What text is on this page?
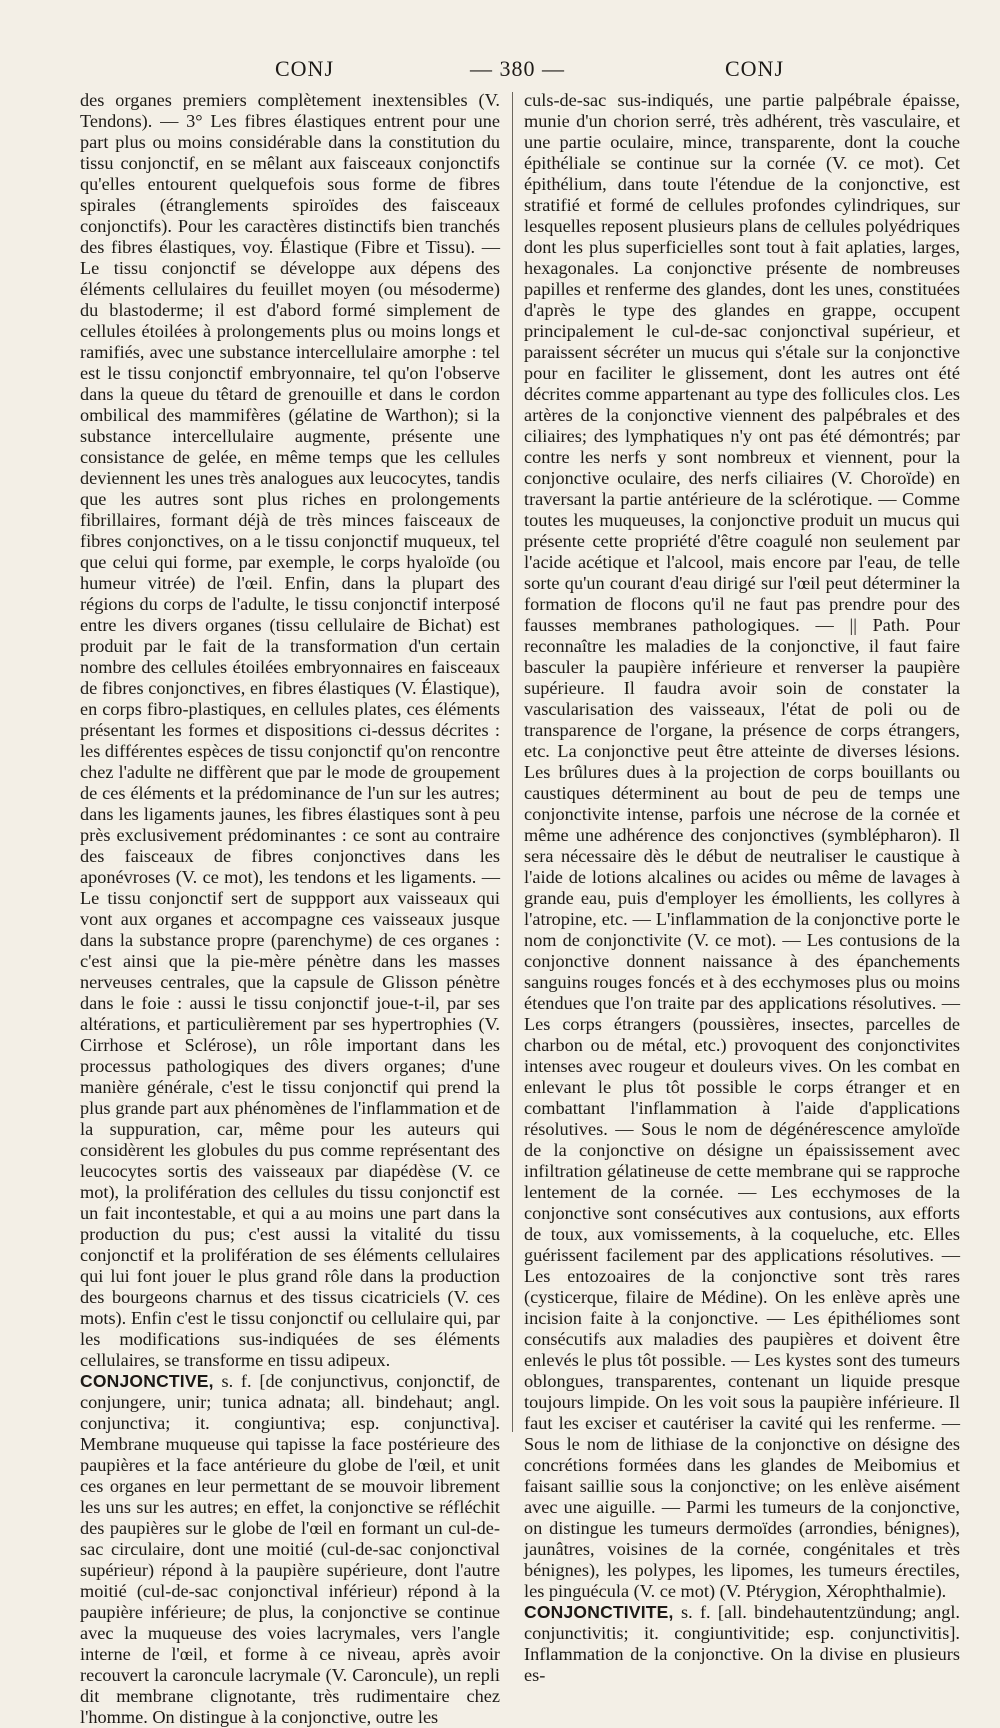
CONJ	— 380 —	CONJ

des organes premiers complètement inextensibles (V. Tendons). — 3° Les fibres élastiques entrent pour une part plus ou moins considérable dans la constitution du tissu conjonctif, en se mêlant aux faisceaux conjonctifs qu'elles entourent quelquefois sous forme de fibres spirales (étranglements spiroïdes des faisceaux conjonctifs). Pour les caractères distinctifs bien tranchés des fibres élastiques, voy. Élastique (Fibre et Tissu). — Le tissu conjonctif se développe aux dépens des éléments cellulaires du feuillet moyen (ou mésoderme) du blastoderme; il est d'abord formé simplement de cellules étoilées à prolongements plus ou moins longs et ramifiés, avec une substance intercellulaire amorphe : tel est le tissu conjonctif embryonnaire, tel qu'on l'observe dans la queue du têtard de grenouille et dans le cordon ombilical des mammifères (gélatine de Warthon); si la substance intercellulaire augmente, présente une consistance de gelée, en même temps que les cellules deviennent les unes très analogues aux leucocytes, tandis que les autres sont plus riches en prolongements fibrillaires, formant déjà de très minces faisceaux de fibres conjonctives, on a le tissu conjonctif muqueux, tel que celui qui forme, par exemple, le corps hyaloïde (ou humeur vitrée) de l'œil. Enfin, dans la plupart des régions du corps de l'adulte, le tissu conjonctif interposé entre les divers organes (tissu cellulaire de Bichat) est produit par le fait de la transformation d'un certain nombre des cellules étoilées embryonnaires en faisceaux de fibres conjonctives, en fibres élastiques (V. Élastique), en corps fibro-plastiques, en cellules plates, ces éléments présentant les formes et dispositions ci-dessus décrites : les différentes espèces de tissu conjonctif qu'on rencontre chez l'adulte ne diffèrent que par le mode de groupement de ces éléments et la prédominance de l'un sur les autres; dans les ligaments jaunes, les fibres élastiques sont à peu près exclusivement prédominantes : ce sont au contraire des faisceaux de fibres conjonctives dans les aponévroses (V. ce mot), les tendons et les ligaments. — Le tissu conjonctif sert de suppport aux vaisseaux qui vont aux organes et accompagne ces vaisseaux jusque dans la substance propre (parenchyme) de ces organes : c'est ainsi que la pie-mère pénètre dans les masses nerveuses centrales, que la capsule de Glisson pénètre dans le foie : aussi le tissu conjonctif joue-t-il, par ses altérations, et particulièrement par ses hypertrophies (V. Cirrhose et Sclérose), un rôle important dans les processus pathologiques des divers organes; d'une manière générale, c'est le tissu conjonctif qui prend la plus grande part aux phénomènes de l'inflammation et de la suppuration, car, même pour les auteurs qui considèrent les globules du pus comme représentant des leucocytes sortis des vaisseaux par diapédèse (V. ce mot), la prolifération des cellules du tissu conjonctif est un fait incontestable, et qui a au moins une part dans la production du pus; c'est aussi la vitalité du tissu conjonctif et la prolifération de ses éléments cellulaires qui lui font jouer le plus grand rôle dans la production des bourgeons charnus et des tissus cicatriciels (V. ces mots). Enfin c'est le tissu conjonctif ou cellulaire qui, par les modifications sus-indiquées de ses éléments cellulaires, se transforme en tissu adipeux.

CONJONCTIVE, s. f. [de conjunctivus, conjonctif, de conjungere, unir; tunica adnata; all. bindehaut; angl. conjunctiva; it. congiuntiva; esp. conjunctiva]. Membrane muqueuse qui tapisse la face postérieure des paupières et la face antérieure du globe de l'œil, et unit ces organes en leur permettant de se mouvoir librement les uns sur les autres; en effet, la conjonctive se réfléchit des paupières sur le globe de l'œil en formant un cul-de-sac circulaire, dont une moitié (cul-de-sac conjonctival supérieur) répond à la paupière supérieure, dont l'autre moitié (cul-de-sac conjonctival inférieur) répond à la paupière inférieure; de plus, la conjonctive se continue avec la muqueuse des voies lacrymales, vers l'angle interne de l'œil, et forme à ce niveau, après avoir recouvert la caroncule lacrymale (V. Caroncule), un repli dit membrane clignotante, très rudimentaire chez l'homme. On distingue à la conjonctive, outre les

culs-de-sac sus-indiqués, une partie palpébrale épaisse, munie d'un chorion serré, très adhérent, très vasculaire, et une partie oculaire, mince, transparente, dont la couche épithéliale se continue sur la cornée (V. ce mot). Cet épithélium, dans toute l'étendue de la conjonctive, est stratifié et formé de cellules profondes cylindriques, sur lesquelles reposent plusieurs plans de cellules polyédriques dont les plus superficielles sont tout à fait aplaties, larges, hexagonales. La conjonctive présente de nombreuses papilles et renferme des glandes, dont les unes, constituées d'après le type des glandes en grappe, occupent principalement le cul-de-sac conjonctival supérieur, et paraissent sécréter un mucus qui s'étale sur la conjonctive pour en faciliter le glissement, dont les autres ont été décrites comme appartenant au type des follicules clos. Les artères de la conjonctive viennent des palpébrales et des ciliaires; des lymphatiques n'y ont pas été démontrés; par contre les nerfs y sont nombreux et viennent, pour la conjonctive oculaire, des nerfs ciliaires (V. Choroïde) en traversant la partie antérieure de la sclérotique. — Comme toutes les muqueuses, la conjonctive produit un mucus qui présente cette propriété d'être coagulé non seulement par l'acide acétique et l'alcool, mais encore par l'eau, de telle sorte qu'un courant d'eau dirigé sur l'œil peut déterminer la formation de flocons qu'il ne faut pas prendre pour des fausses membranes pathologiques. — || Path. Pour reconnaître les maladies de la conjonctive, il faut faire basculer la paupière inférieure et renverser la paupière supérieure. Il faudra avoir soin de constater la vascularisation des vaisseaux, l'état de poli ou de transparence de l'organe, la présence de corps étrangers, etc. La conjonctive peut être atteinte de diverses lésions. Les brûlures dues à la projection de corps bouillants ou caustiques déterminent au bout de peu de temps une conjonctivite intense, parfois une nécrose de la cornée et même une adhérence des conjonctives (symblépharon). Il sera nécessaire dès le début de neutraliser le caustique à l'aide de lotions alcalines ou acides ou même de lavages à grande eau, puis d'employer les émollients, les collyres à l'atropine, etc. — L'inflammation de la conjonctive porte le nom de conjonctivite (V. ce mot). — Les contusions de la conjonctive donnent naissance à des épanchements sanguins rouges foncés et à des ecchymoses plus ou moins étendues que l'on traite par des applications résolutives. — Les corps étrangers (poussières, insectes, parcelles de charbon ou de métal, etc.) provoquent des conjonctivites intenses avec rougeur et douleurs vives. On les combat en enlevant le plus tôt possible le corps étranger et en combattant l'inflammation à l'aide d'applications résolutives. — Sous le nom de dégénérescence amyloïde de la conjonctive on désigne un épaississement avec infiltration gélatineuse de cette membrane qui se rapproche lentement de la cornée. — Les ecchymoses de la conjonctive sont consécutives aux contusions, aux efforts de toux, aux vomissements, à la coqueluche, etc. Elles guérissent facilement par des applications résolutives. — Les entozoaires de la conjonctive sont très rares (cysticerque, filaire de Médine). On les enlève après une incision faite à la conjonctive. — Les épithéliomes sont consécutifs aux maladies des paupières et doivent être enlevés le plus tôt possible. — Les kystes sont des tumeurs oblongues, transparentes, contenant un liquide presque toujours limpide. On les voit sous la paupière inférieure. Il faut les exciser et cautériser la cavité qui les renferme. — Sous le nom de lithiase de la conjonctive on désigne des concrétions formées dans les glandes de Meibomius et faisant saillie sous la conjonctive; on les enlève aisément avec une aiguille. — Parmi les tumeurs de la conjonctive, on distingue les tumeurs dermoïdes (arrondies, bénignes), jaunâtres, voisines de la cornée, congénitales et très bénignes), les polypes, les lipomes, les tumeurs érectiles, les pinguécula (V. ce mot) (V. Ptérygion, Xérophthalmie).

CONJONCTIVITE, s. f. [all. bindehautentzündung; angl. conjunctivitis; it. congiuntivitide; esp. conjunctivitis]. Inflammation de la conjonctive. On la divise en plusieurs es-
